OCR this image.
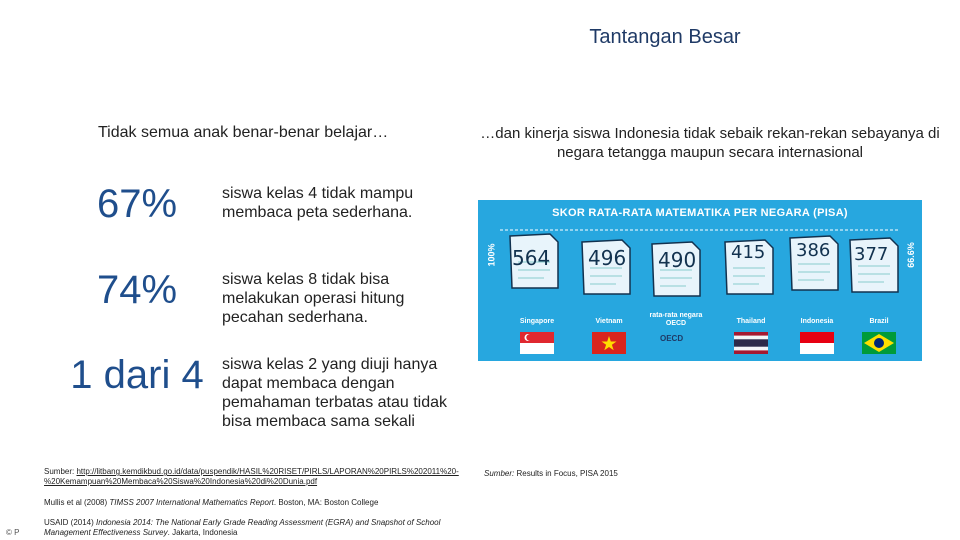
Tantangan Besar
Tidak semua anak benar-benar belajar…	…dan kinerja siswa Indonesia tidak sebaik rekan-rekan sebayanya di negara tetangga maupun secara internasional
67%	siswa kelas 4 tidak mampu membaca peta sederhana.
74%	siswa kelas 8 tidak bisa melakukan operasi hitung pecahan sederhana.
1 dari 4	siswa kelas 2 yang diuji hanya dapat membaca dengan pemahaman terbatas atau tidak bisa membaca sama sekali
SKOR RATA-RATA MATEMATIKA PER NEGARA (PISA)
100%	66.6%
564 496 490 415 386 377
Singapore	Vietnam
rata-rata negara OECD	Thailand	Indonesia	Brazil
OECD
Sumber: http://litbang.kemdikbud.go.id/data/puspendik/HASIL%20RISET/PIRLS/LAPORAN%20PIRLS%202011%20-%20Kemampuan%20Membaca%20Siswa%20Indonesia%20di%20Dunia.pdf
Mullis et al (2008) TIMSS 2007 International Mathematics Report. Boston, MA: Boston College
USAID (2014) Indonesia 2014: The National Early Grade Reading Assessment (EGRA) and Snapshot of School Management Effectiveness Survey. Jakarta, Indonesia
© P
Sumber: Results in Focus, PISA 2015
